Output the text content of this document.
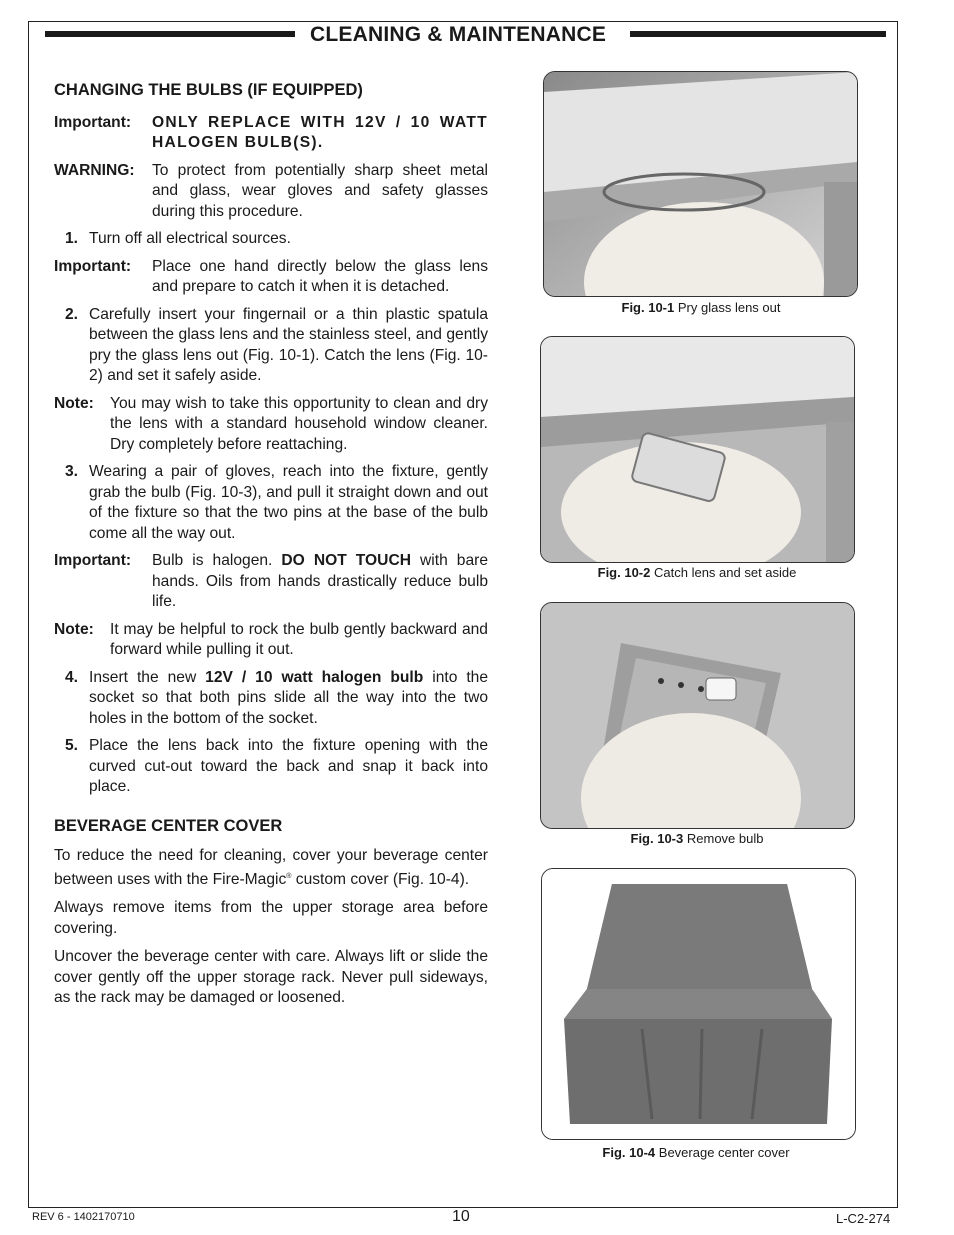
CLEANING & MAINTENANCE
CHANGING THE BULBS (IF EQUIPPED)
Important:	ONLY REPLACE WITH 12V / 10 WATT HALOGEN BULB(S).
WARNING:	To protect from potentially sharp sheet metal and glass, wear gloves and safety glasses during this procedure.
1. Turn off all electrical sources.
Important:	Place one hand directly below the glass lens and prepare to catch it when it is detached.
2. Carefully insert your fingernail or a thin plastic spatula between the glass lens and the stainless steel, and gently pry the glass lens out (Fig. 10-1). Catch the lens (Fig. 10-2) and set it safely aside.
Note:	You may wish to take this opportunity to clean and dry the lens with a standard household window cleaner. Dry completely before reattaching.
3. Wearing a pair of gloves, reach into the fixture, gently grab the bulb (Fig. 10-3), and pull it straight down and out of the fixture so that the two pins at the base of the bulb come all the way out.
Important:	Bulb is halogen. DO NOT TOUCH with bare hands. Oils from hands drastically reduce bulb life.
Note:	It may be helpful to rock the bulb gently backward and forward while pulling it out.
4. Insert the new 12V / 10 watt halogen bulb into the socket so that both pins slide all the way into the two holes in the bottom of the socket.
5. Place the lens back into the fixture opening with the curved cut-out toward the back and snap it back into place.
BEVERAGE CENTER COVER

To reduce the need for cleaning, cover your beverage center between uses with the Fire-Magic® custom cover (Fig. 10-4).

Always remove items from the upper storage area before covering.

Uncover the beverage center with care. Always lift or slide the cover gently off the upper storage rack. Never pull sideways, as the rack may be damaged or loosened.

Fig. 10-1 Pry glass lens out
Fig. 10-2 Catch lens and set aside
Fig. 10-3 Remove bulb
Fig. 10-4 Beverage center cover
REV 6 - 1402170710	10	L-C2-274
